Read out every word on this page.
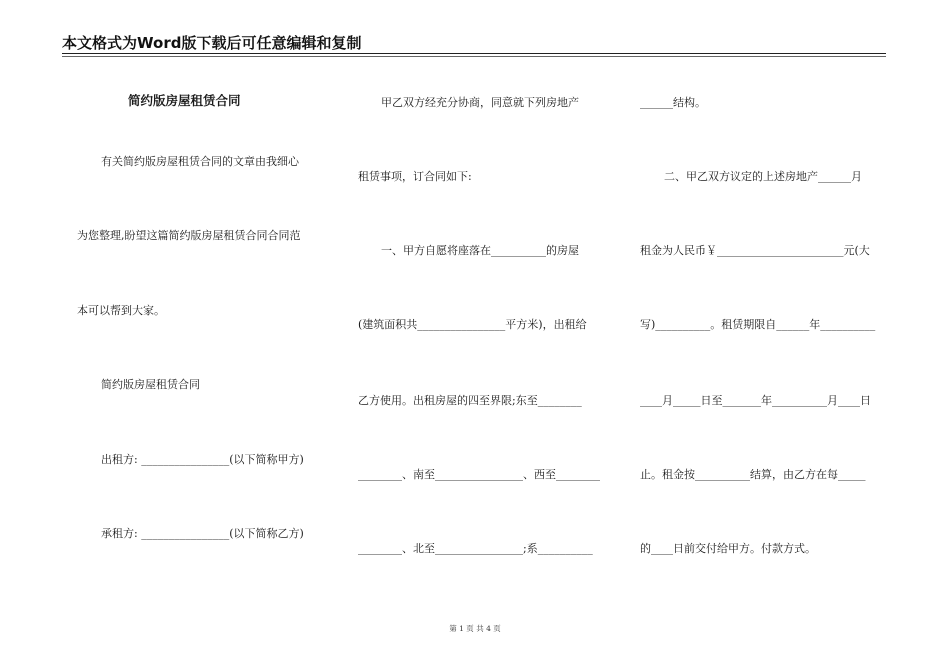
本文格式为Word版下载后可任意编辑和复制
简约版房屋租赁合同
有关简约版房屋租赁合同的文章由我细心
为您整理,盼望这篇简约版房屋租赁合同合同范
本可以帮到大家。
简约版房屋租赁合同
出租方: ________________(以下简称甲方)
承租方: ________________(以下简称乙方)
甲乙双方经充分协商，同意就下列房地产
租赁事项，订合同如下:
一、甲方自愿将座落在__________的房屋
(建筑面积共________________平方米)，出租给
乙方使用。出租房屋的四至界限;东至________
________、南至________________、西至________
________、北至________________;系__________
______结构。
二、甲乙双方议定的上述房地产______月
租金为人民币￥_______________________元(大
写)__________。租赁期限自______年__________
____月_____日至_______年__________月____日
止。租金按__________结算，由乙方在每_____
的____日前交付给甲方。付款方式。
第 1 页 共 4 页
